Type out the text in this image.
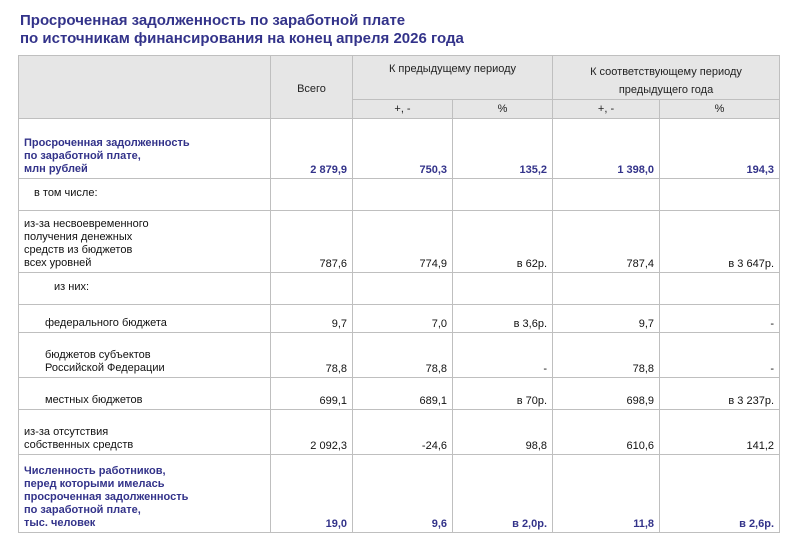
Просроченная задолженность по заработной плате
по источникам финансирования на конец апреля 2026 года
	Всего	К предыдущему периоду		К соответствующему периоду предыдущего года	
		+, -	%	+, -	%

Просроченная задолженность
по заработной плате,
млн рублей	2 879,9	750,3	135,2	1 398,0	194,3

в том числе:					

из-за несвоевременного
получения денежных
средств из бюджетов
всех уровней	787,6	774,9	в 62р.	787,4	в 3 647р.

из них:					

федерального бюджета	9,7	7,0	в 3,6р.	9,7	-

бюджетов субъектов
Российской Федерации	78,8	78,8	-	78,8	-

местных бюджетов	699,1	689,1	в 70р.	698,9	в 3 237р.

из-за отсутствия
собственных средств	2 092,3	-24,6	98,8	610,6	141,2

Численность работников,
перед которыми имелась
просроченная задолженность
по заработной плате,
тыс. человек	19,0	9,6	в 2,0р.	11,8	в 2,6р.
